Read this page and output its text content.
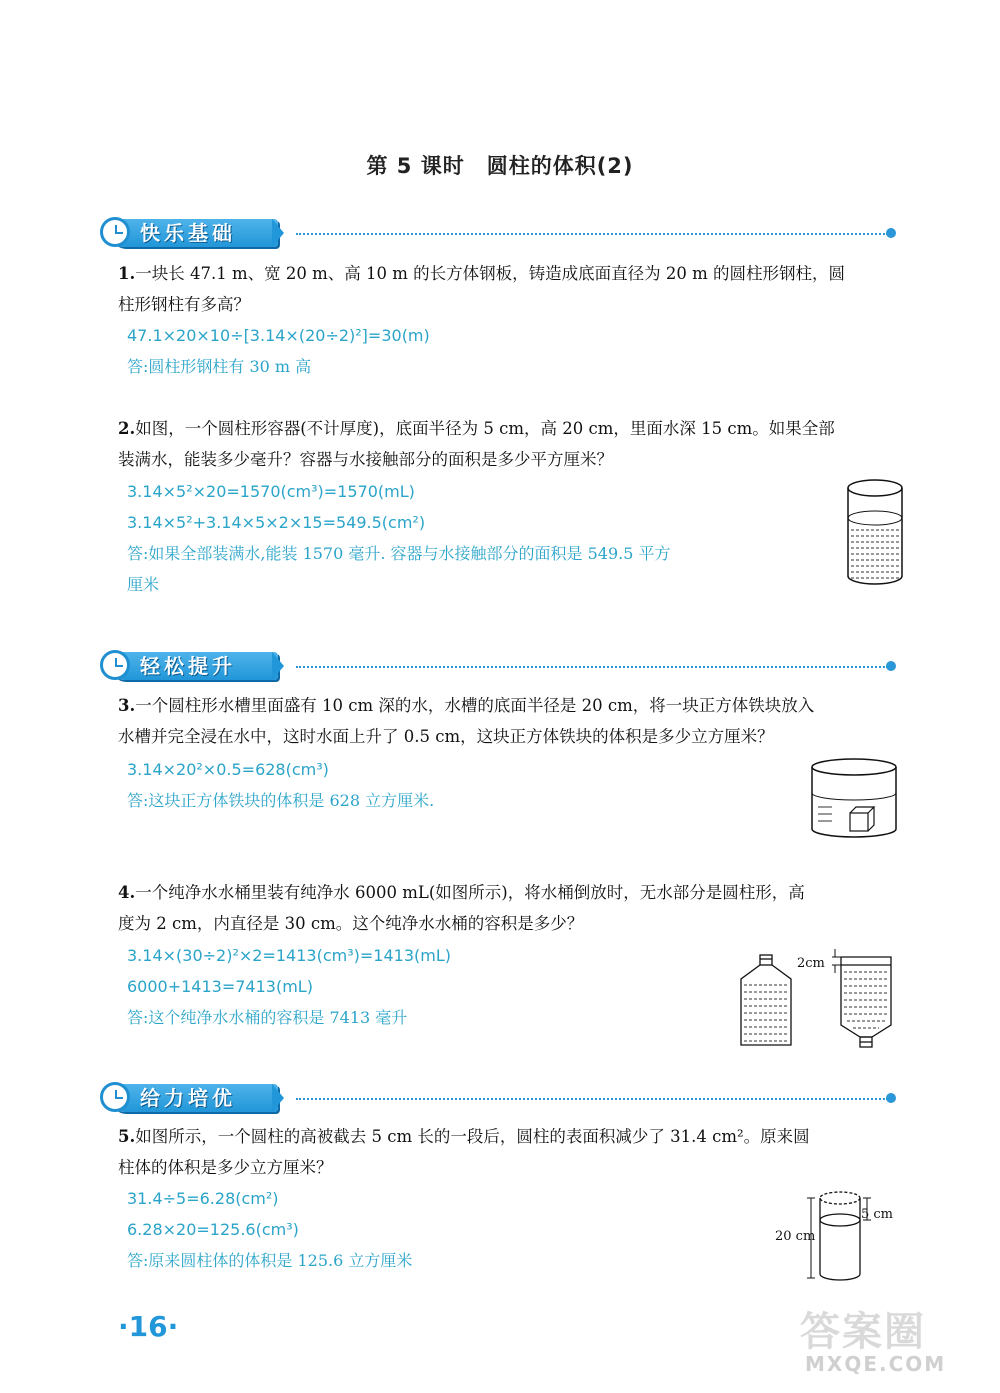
第 5 课时　圆柱的体积(2)
快乐基础
1.一块长 47.1 m、宽 20 m、高 10 m 的长方体钢板，铸造成底面直径为 20 m 的圆柱形钢柱，圆
柱形钢柱有多高？
47.1×20×10÷[3.14×(20÷2)²]=30(m)
答:圆柱形钢柱有 30 m 高
2.如图，一个圆柱形容器(不计厚度)，底面半径为 5 cm，高 20 cm，里面水深 15 cm。如果全部
装满水，能装多少毫升？容器与水接触部分的面积是多少平方厘米？
3.14×5²×20=1570(cm³)=1570(mL)
3.14×5²+3.14×5×2×15=549.5(cm²)
答:如果全部装满水,能装 1570 毫升. 容器与水接触部分的面积是 549.5 平方
厘米
轻松提升
3.一个圆柱形水槽里面盛有 10 cm 深的水，水槽的底面半径是 20 cm，将一块正方体铁块放入
水槽并完全浸在水中，这时水面上升了 0.5 cm，这块正方体铁块的体积是多少立方厘米？
3.14×20²×0.5=628(cm³)
答:这块正方体铁块的体积是 628 立方厘米.
4.一个纯净水水桶里装有纯净水 6000 mL(如图所示)，将水桶倒放时，无水部分是圆柱形，高
度为 2 cm，内直径是 30 cm。这个纯净水水桶的容积是多少？
3.14×(30÷2)²×2=1413(cm³)=1413(mL)
6000+1413=7413(mL)
答:这个纯净水水桶的容积是 7413 毫升
2cm
给力培优
5.如图所示，一个圆柱的高被截去 5 cm 长的一段后，圆柱的表面积减少了 31.4 cm²。原来圆
柱体的体积是多少立方厘米？
31.4÷5=6.28(cm²)
6.28×20=125.6(cm³)
答:原来圆柱体的体积是 125.6 立方厘米
5 cm
20 cm
·16·	答案圈
MXQE.COM
